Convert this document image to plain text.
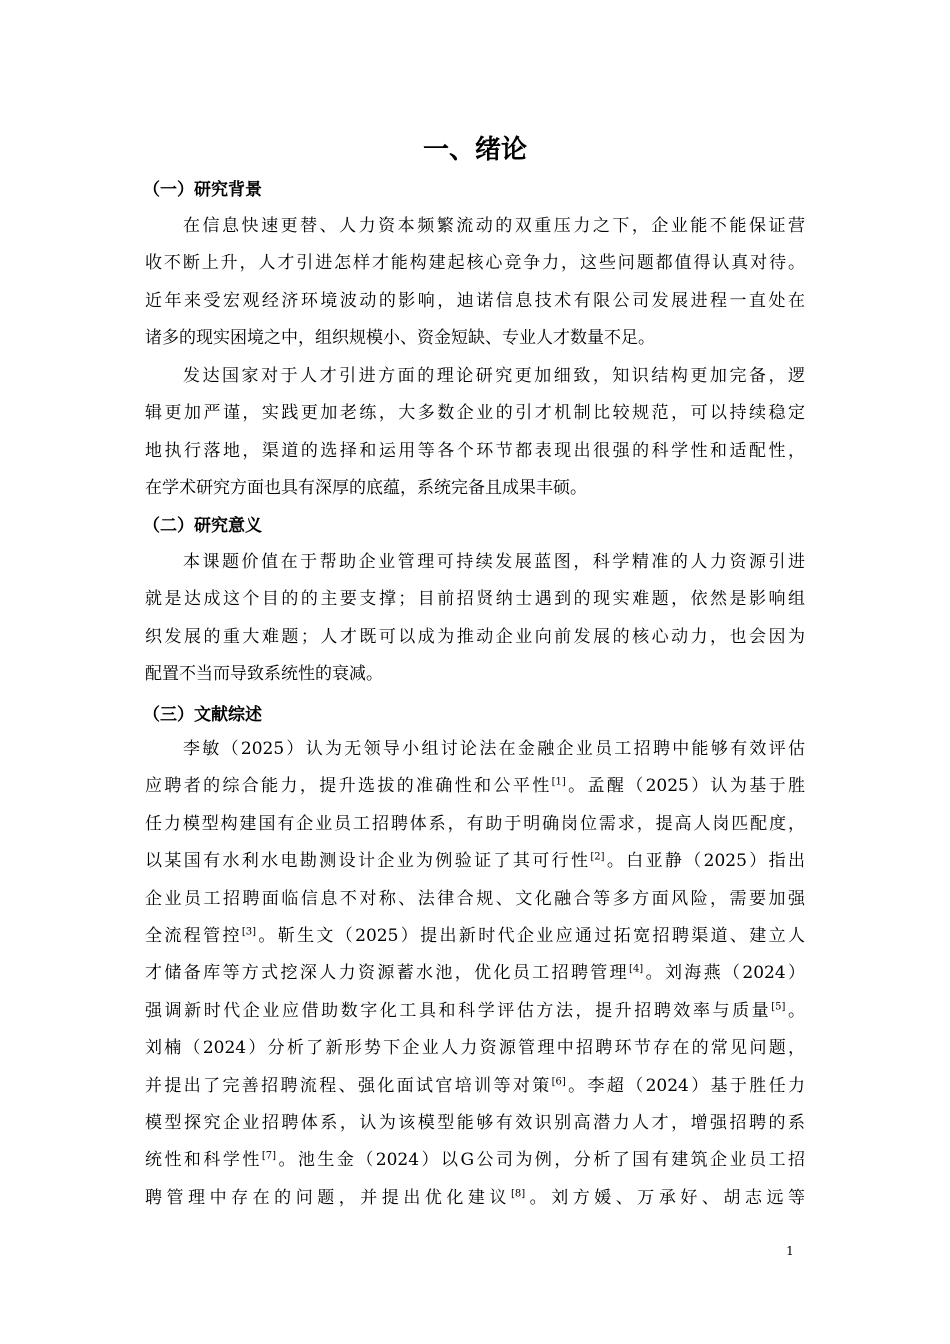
一、绪论
（一）研究背景

在信息快速更替、人力资本频繁流动的双重压力之下，企业能不能保证营
收不断上升，人才引进怎样才能构建起核心竞争力，这些问题都值得认真对待。
近年来受宏观经济环境波动的影响，迪诺信息技术有限公司发展进程一直处在
诸多的现实困境之中，组织规模小、资金短缺、专业人才数量不足。

发达国家对于人才引进方面的理论研究更加细致，知识结构更加完备，逻
辑更加严谨，实践更加老练，大多数企业的引才机制比较规范，可以持续稳定
地执行落地，渠道的选择和运用等各个环节都表现出很强的科学性和适配性，
在学术研究方面也具有深厚的底蕴，系统完备且成果丰硕。

（二）研究意义

本课题价值在于帮助企业管理可持续发展蓝图，科学精准的人力资源引进
就是达成这个目的的主要支撑；目前招贤纳士遇到的现实难题，依然是影响组
织发展的重大难题；人才既可以成为推动企业向前发展的核心动力，也会因为
配置不当而导致系统性的衰减。

（三）文献综述

李敏（2025）认为无领导小组讨论法在金融企业员工招聘中能够有效评估
应聘者的综合能力，提升选拔的准确性和公平性[1]。孟醒（2025）认为基于胜
任力模型构建国有企业员工招聘体系，有助于明确岗位需求，提高人岗匹配度，
以某国有水利水电勘测设计企业为例验证了其可行性[2]。白亚静（2025）指出
企业员工招聘面临信息不对称、法律合规、文化融合等多方面风险，需要加强
全流程管控[3]。靳生文（2025）提出新时代企业应通过拓宽招聘渠道、建立人
才储备库等方式挖深人力资源蓄水池，优化员工招聘管理[4]。刘海燕（2024）
强调新时代企业应借助数字化工具和科学评估方法，提升招聘效率与质量[5]。
刘楠（2024）分析了新形势下企业人力资源管理中招聘环节存在的常见问题，
并提出了完善招聘流程、强化面试官培训等对策[6]。李超（2024）基于胜任力
模型探究企业招聘体系，认为该模型能够有效识别高潜力人才，增强招聘的系
统性和科学性[7]。池生金（2024）以G公司为例，分析了国有建筑企业员工招
聘管理中存在的问题，并提出优化建议[8]。刘方媛、万承好、胡志远等

1
